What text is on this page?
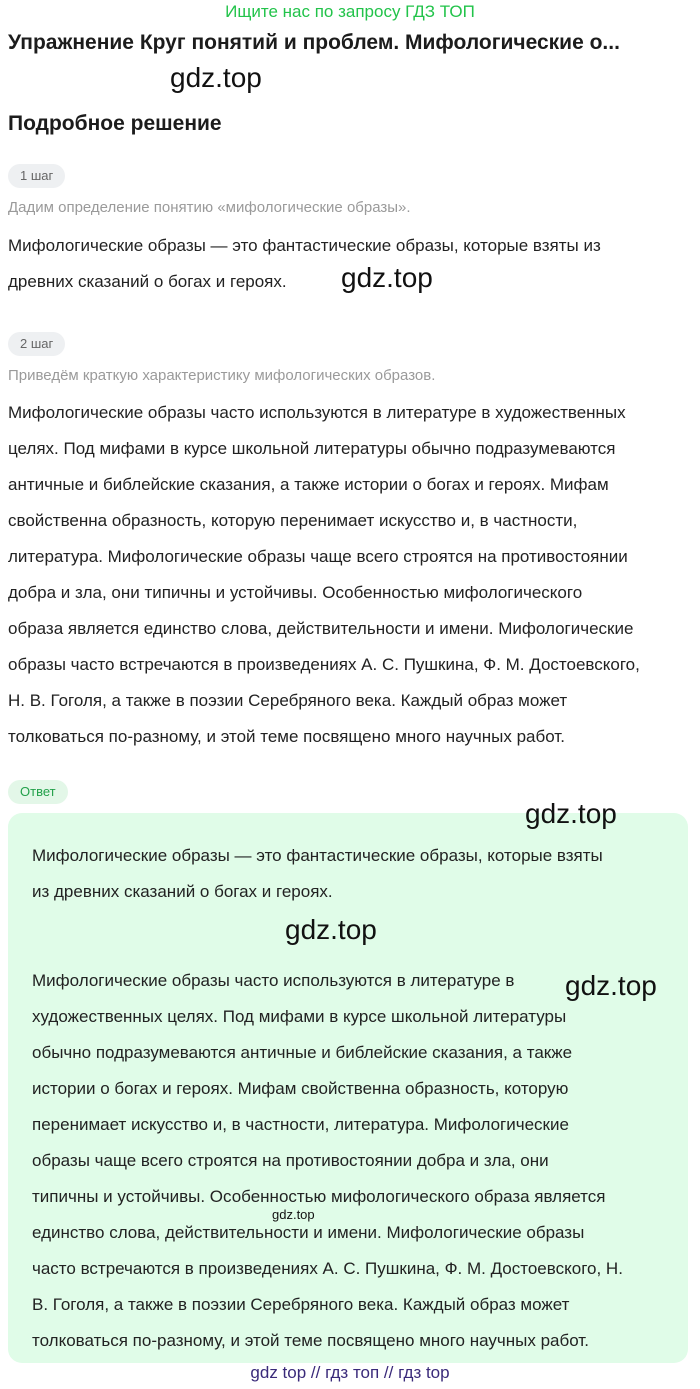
Ищите нас по запросу ГДЗ ТОП
Упражнение Круг понятий и проблем. Мифологические о...
gdz.top
Подробное решение
1 шаг
Дадим определение понятию «мифологические образы».
Мифологические образы — это фантастические образы, которые взяты из
древних сказаний о богах и героях.	gdz.top
2 шаг
Приведём краткую характеристику мифологических образов.
Мифологические образы часто используются в литературе в художественных
целях. Под мифами в курсе школьной литературы обычно подразумеваются
античные и библейские сказания, а также истории о богах и героях. Мифам
свойственна образность, которую перенимает искусство и, в частности,
литература. Мифологические образы чаще всего строятся на противостоянии
добра и зла, они типичны и устойчивы. Особенностью мифологического
образа является единство слова, действительности и имени. Мифологические
образы часто встречаются в произведениях А. С. Пушкина, Ф. М. Достоевского,
Н. В. Гоголя, а также в поэзии Серебряного века. Каждый образ может
толковаться по-разному, и этой теме посвящено много научных работ.
Ответ
gdz.top
Мифологические образы — это фантастические образы, которые взяты
из древних сказаний о богах и героях.
gdz.top
Мифологические образы часто используются в литературе в
художественных целях. Под мифами в курсе школьной литературы
обычно подразумеваются античные и библейские сказания, а также
истории о богах и героях. Мифам свойственна образность, которую
перенимает искусство и, в частности, литература. Мифологические
образы чаще всего строятся на противостоянии добра и зла, они
типичны и устойчивы. Особенностью мифологического образа является
единство слова, действительности и имени. Мифологические образы
часто встречаются в произведениях А. С. Пушкина, Ф. М. Достоевского, Н.
В. Гоголя, а также в поэзии Серебряного века. Каждый образ может
толковаться по-разному, и этой теме посвящено много научных работ.
gdz.top
gdz.top
gdz top // гдз топ // гдз top
